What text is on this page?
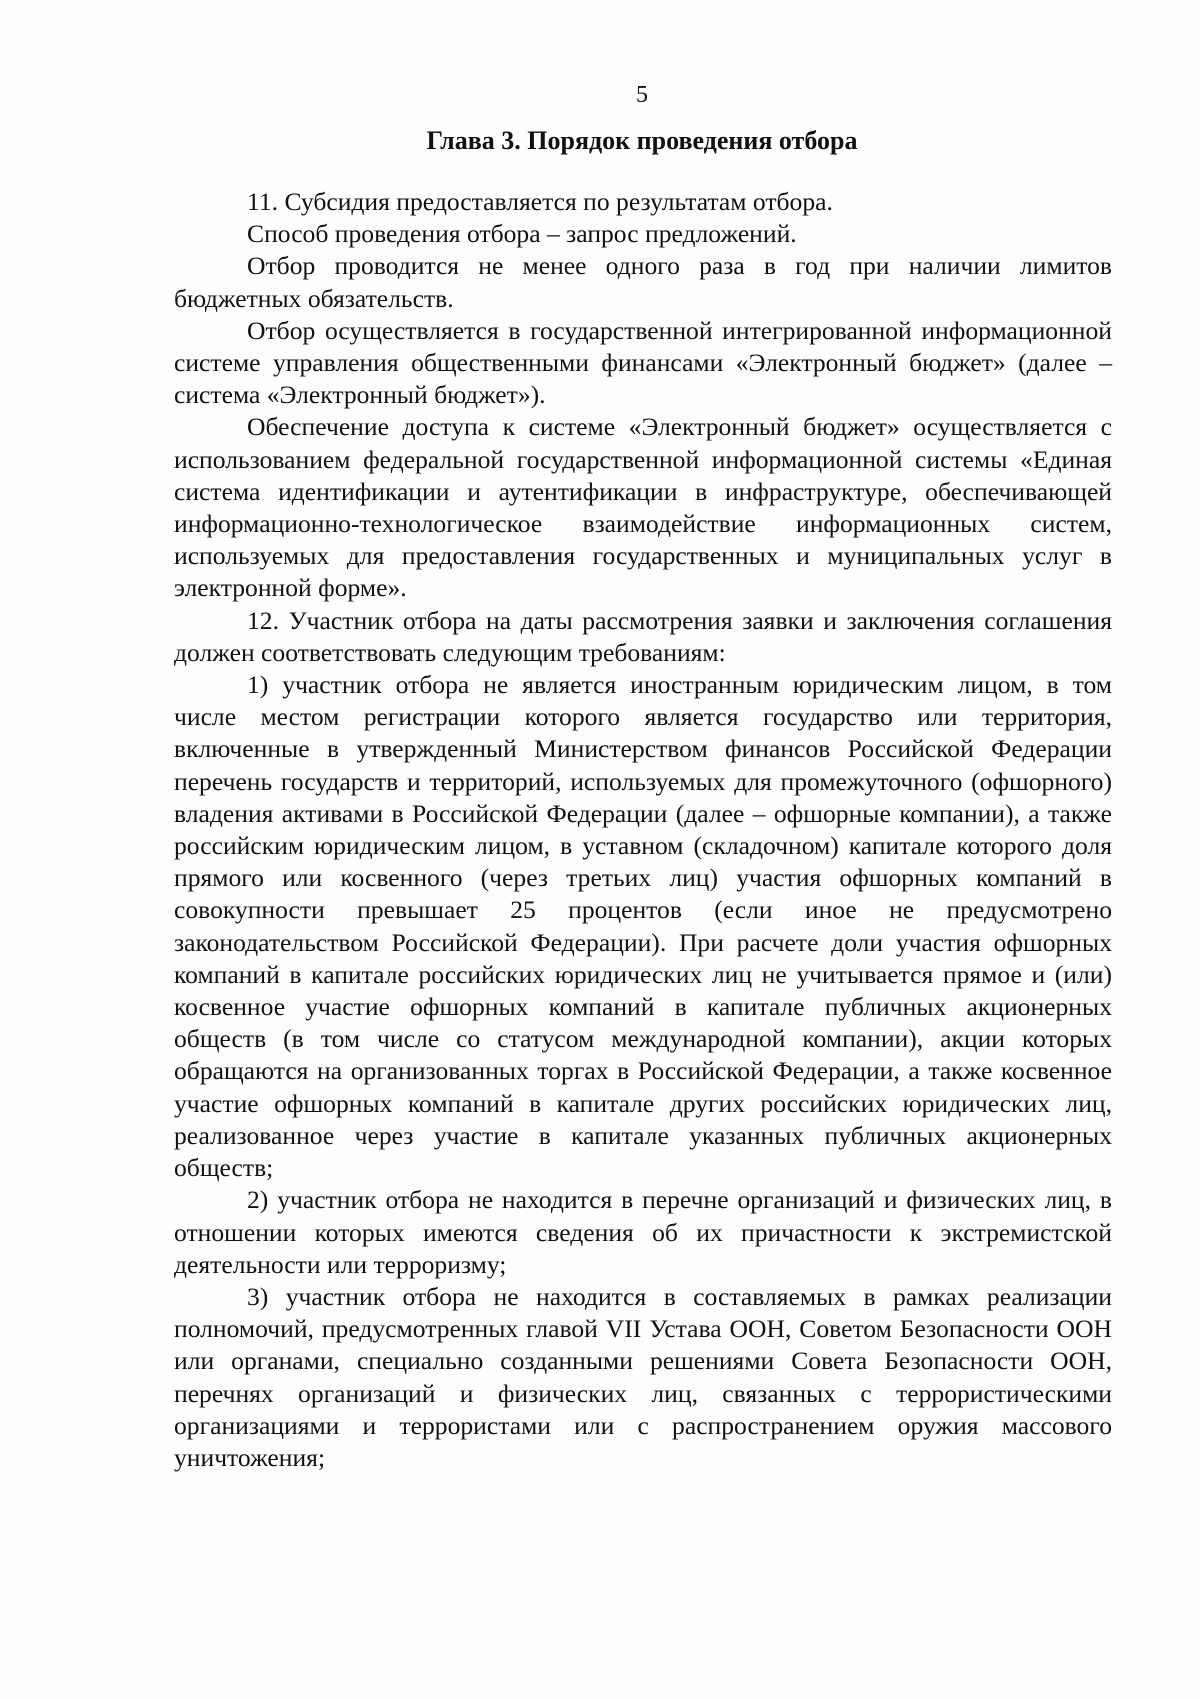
5
Глава 3. Порядок проведения отбора

11. Субсидия предоставляется по результатам отбора.

Способ проведения отбора – запрос предложений.

Отбор проводится не менее одного раза в год при наличии лимитов бюджетных обязательств.

Отбор осуществляется в государственной интегрированной информационной системе управления общественными финансами «Электронный бюджет» (далее – система «Электронный бюджет»).

Обеспечение доступа к системе «Электронный бюджет» осуществляется с использованием федеральной государственной информационной системы «Единая система идентификации и аутентификации в инфраструктуре, обеспечивающей информационно-технологическое взаимодействие информационных систем, используемых для предоставления государственных и муниципальных услуг в электронной форме».

12. Участник отбора на даты рассмотрения заявки и заключения соглашения должен соответствовать следующим требованиям:

1) участник отбора не является иностранным юридическим лицом, в том числе местом регистрации которого является государство или территория, включенные в утвержденный Министерством финансов Российской Федерации перечень государств и территорий, используемых для промежуточного (офшорного) владения активами в Российской Федерации (далее – офшорные компании), а также российским юридическим лицом, в уставном (складочном) капитале которого доля прямого или косвенного (через третьих лиц) участия офшорных компаний в совокупности превышает 25 процентов (если иное не предусмотрено законодательством Российской Федерации). При расчете доли участия офшорных компаний в капитале российских юридических лиц не учитывается прямое и (или) косвенное участие офшорных компаний в капитале публичных акционерных обществ (в том числе со статусом международной компании), акции которых обращаются на организованных торгах в Российской Федерации, а также косвенное участие офшорных компаний в капитале других российских юридических лиц, реализованное через участие в капитале указанных публичных акционерных обществ;

2) участник отбора не находится в перечне организаций и физических лиц, в отношении которых имеются сведения об их причастности к экстремистской деятельности или терроризму;

3) участник отбора не находится в составляемых в рамках реализации полномочий, предусмотренных главой VII Устава ООН, Советом Безопасности ООН или органами, специально созданными решениями Совета Безопасности ООН, перечнях организаций и физических лиц, связанных с террористическими организациями и террористами или с распространением оружия массового уничтожения;
